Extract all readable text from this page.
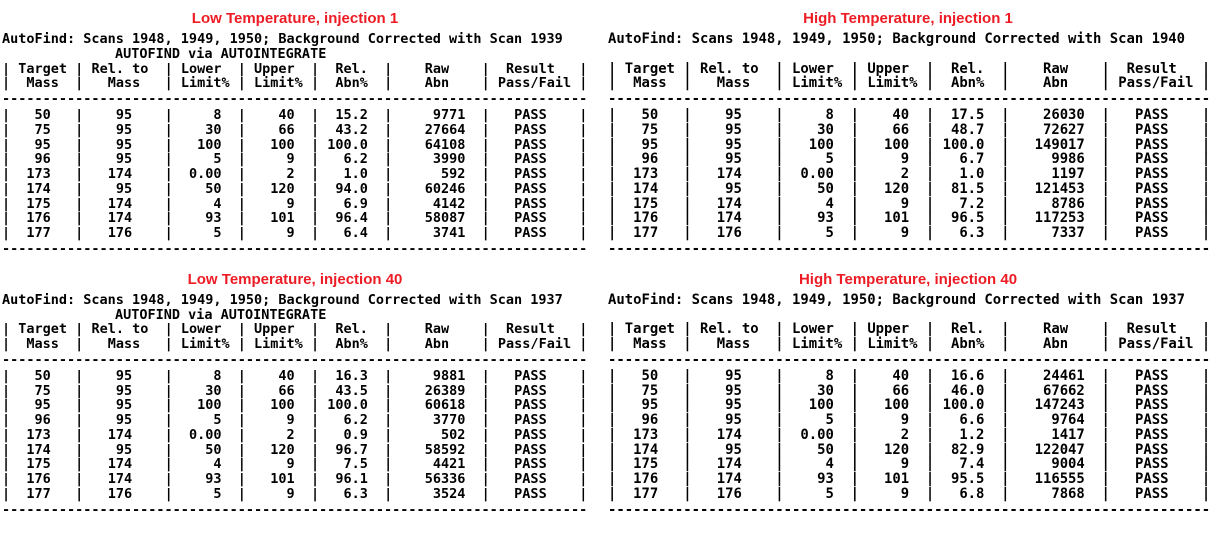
Low Temperature, injection 1
AutoFind: Scans 1948, 1949, 1950; Background Corrected with Scan 1939
AUTOFIND via AUTOINTEGRATE
| Target | Rel. to  | Lower  | Upper  |  Rel.  |    Raw    |  Result   |
|  Mass  |   Mass   | Limit% | Limit% |  Abn%  |    Abn    | Pass/Fail |
------------------------------------------------------------------------
|   50   |    95    |     8  |    40  |  15.2  |     9771  |   PASS    |
|   75   |    95    |    30  |    66  |  43.2  |    27664  |   PASS    |
|   95   |    95    |   100  |   100  | 100.0  |    64108  |   PASS    |
|   96   |    95    |     5  |     9  |   6.2  |     3990  |   PASS    |
|  173   |   174    |  0.00  |     2  |   1.0  |      592  |   PASS    |
|  174   |    95    |    50  |   120  |  94.0  |    60246  |   PASS    |
|  175   |   174    |     4  |     9  |   6.9  |     4142  |   PASS    |
|  176   |   174    |    93  |   101  |  96.4  |    58087  |   PASS    |
|  177   |   176    |     5  |     9  |   6.4  |     3741  |   PASS    |
------------------------------------------------------------------------
High Temperature, injection 1
AutoFind: Scans 1948, 1949, 1950; Background Corrected with Scan 1940
| Target | Rel. to  | Lower  | Upper  |  Rel.  |    Raw    |  Result   |
|  Mass  |   Mass   | Limit% | Limit% |  Abn%  |    Abn    | Pass/Fail |
------------------------------------------------------------------------
|   50   |    95    |     8  |    40  |  17.5  |    26030  |   PASS    |
|   75   |    95    |    30  |    66  |  48.7  |    72627  |   PASS    |
|   95   |    95    |   100  |   100  | 100.0  |   149017  |   PASS    |
|   96   |    95    |     5  |     9  |   6.7  |     9986  |   PASS    |
|  173   |   174    |  0.00  |     2  |   1.0  |     1197  |   PASS    |
|  174   |    95    |    50  |   120  |  81.5  |   121453  |   PASS    |
|  175   |   174    |     4  |     9  |   7.2  |     8786  |   PASS    |
|  176   |   174    |    93  |   101  |  96.5  |   117253  |   PASS    |
|  177   |   176    |     5  |     9  |   6.3  |     7337  |   PASS    |
------------------------------------------------------------------------
Low Temperature, injection 40
AutoFind: Scans 1948, 1949, 1950; Background Corrected with Scan 1937
AUTOFIND via AUTOINTEGRATE
| Target | Rel. to  | Lower  | Upper  |  Rel.  |    Raw    |  Result   |
|  Mass  |   Mass   | Limit% | Limit% |  Abn%  |    Abn    | Pass/Fail |
------------------------------------------------------------------------
|   50   |    95    |     8  |    40  |  16.3  |     9881  |   PASS    |
|   75   |    95    |    30  |    66  |  43.5  |    26389  |   PASS    |
|   95   |    95    |   100  |   100  | 100.0  |    60618  |   PASS    |
|   96   |    95    |     5  |     9  |   6.2  |     3770  |   PASS    |
|  173   |   174    |  0.00  |     2  |   0.9  |      502  |   PASS    |
|  174   |    95    |    50  |   120  |  96.7  |    58592  |   PASS    |
|  175   |   174    |     4  |     9  |   7.5  |     4421  |   PASS    |
|  176   |   174    |    93  |   101  |  96.1  |    56336  |   PASS    |
|  177   |   176    |     5  |     9  |   6.3  |     3524  |   PASS    |
------------------------------------------------------------------------
High Temperature, injection 40
AutoFind: Scans 1948, 1949, 1950; Background Corrected with Scan 1937
| Target | Rel. to  | Lower  | Upper  |  Rel.  |    Raw    |  Result   |
|  Mass  |   Mass   | Limit% | Limit% |  Abn%  |    Abn    | Pass/Fail |
------------------------------------------------------------------------
|   50   |    95    |     8  |    40  |  16.6  |    24461  |   PASS    |
|   75   |    95    |    30  |    66  |  46.0  |    67662  |   PASS    |
|   95   |    95    |   100  |   100  | 100.0  |   147243  |   PASS    |
|   96   |    95    |     5  |     9  |   6.6  |     9764  |   PASS    |
|  173   |   174    |  0.00  |     2  |   1.2  |     1417  |   PASS    |
|  174   |    95    |    50  |   120  |  82.9  |   122047  |   PASS    |
|  175   |   174    |     4  |     9  |   7.4  |     9004  |   PASS    |
|  176   |   174    |    93  |   101  |  95.5  |   116555  |   PASS    |
|  177   |   176    |     5  |     9  |   6.8  |     7868  |   PASS    |
------------------------------------------------------------------------
